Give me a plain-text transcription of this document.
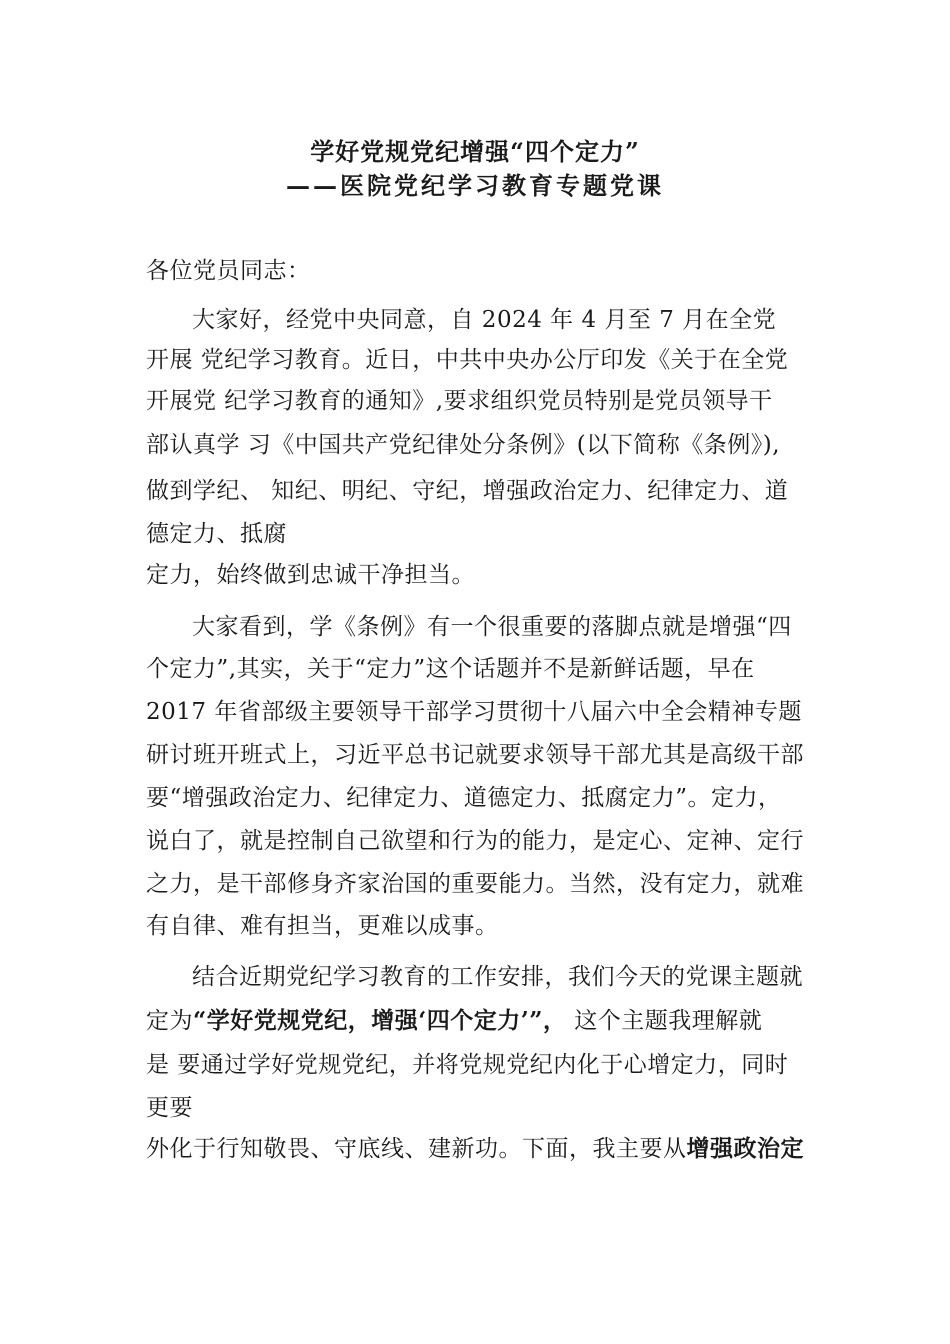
学好党规党纪增强“四个定力”
——医院党纪学习教育专题党课
各位党员同志：
大家好，经党中央同意，自 2024 年 4 月至 7 月在全党
开展 党纪学习教育。近日，中共中央办公厅印发《关于在全党
开展党 纪学习教育的通知》,要求组织党员特别是党员领导干
部认真学 习《中国共产党纪律处分条例》(以下简称《条例》),
做到学纪、 知纪、明纪、守纪，增强政治定力、纪律定力、道
德定力、抵腐
定力，始终做到忠诚干净担当。
大家看到，学《条例》有一个很重要的落脚点就是增强“四
个定力”,其实，关于“定力”这个话题并不是新鲜话题，早在
2017 年省部级主要领导干部学习贯彻十八届六中全会精神专题
研讨班开班式上，习近平总书记就要求领导干部尤其是高级干部
要“增强政治定力、纪律定力、道德定力、抵腐定力”。定力，
说白了，就是控制自己欲望和行为的能力，是定心、定神、定行
之力，是干部修身齐家治国的重要能力。当然，没有定力，就难
有自律、难有担当，更难以成事。
结合近期党纪学习教育的工作安排，我们今天的党课主题就
定为“学好党规党纪，增强‘四个定力’”， 这个主题我理解就
是 要通过学好党规党纪，并将党规党纪内化于心增定力，同时
更要
外化于行知敬畏、守底线、建新功。下面，我主要从增强政治定
